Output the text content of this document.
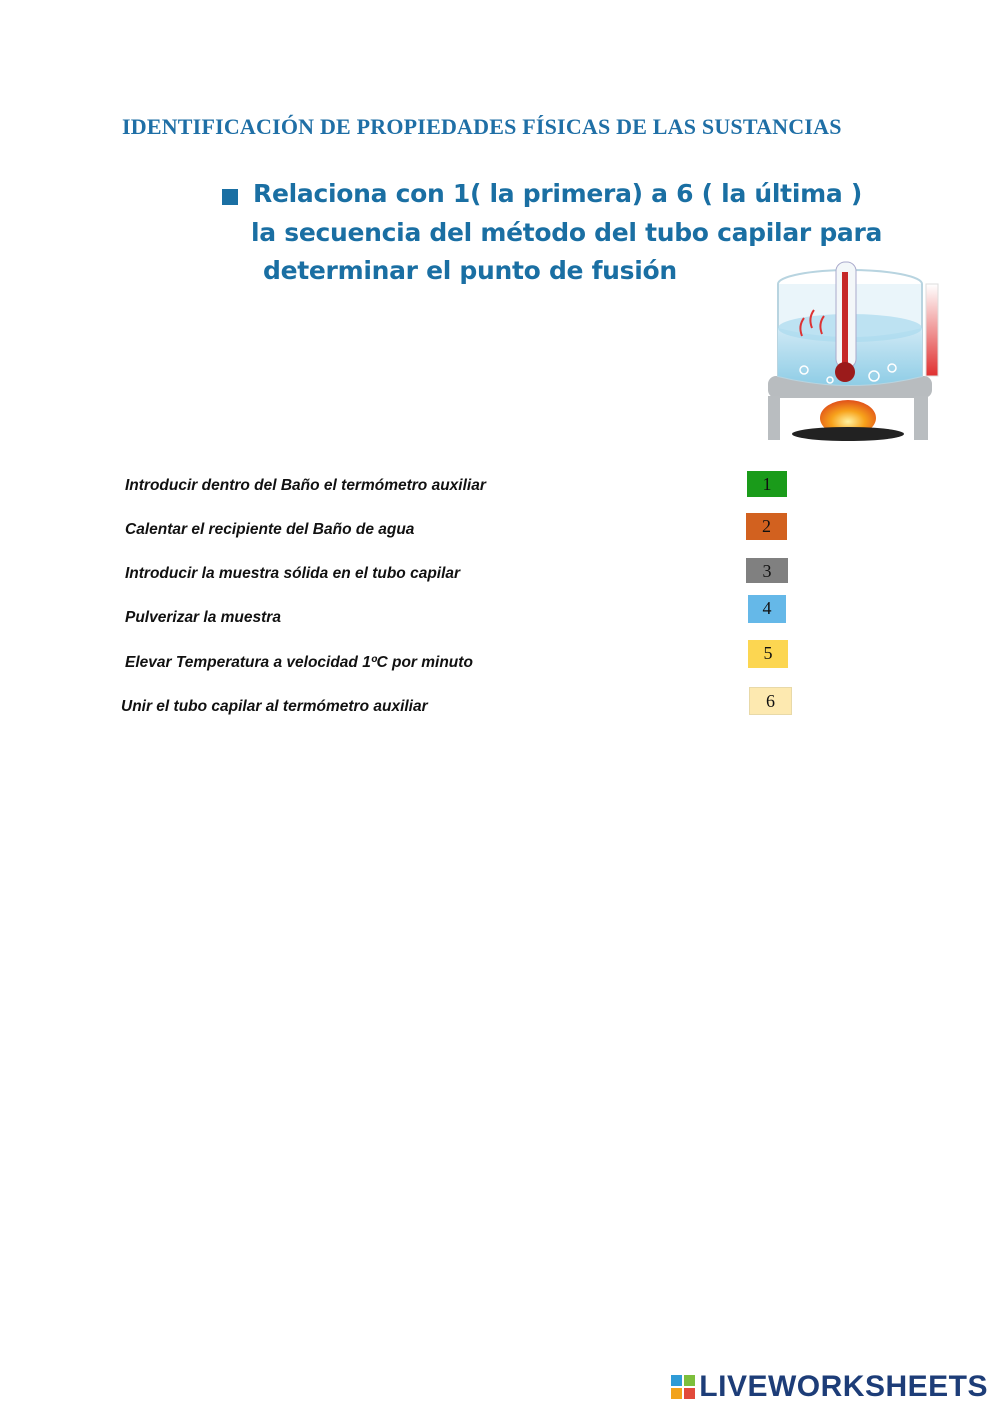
IDENTIFICACIÓN DE PROPIEDADES FÍSICAS DE LAS SUSTANCIAS
Relaciona con 1( la primera) a 6 ( la última )
la secuencia del método del tubo capilar para
determinar el punto de fusión
Introducir dentro del Baño el termómetro auxiliar	1
Calentar el recipiente del Baño de agua	2
Introducir la muestra sólida en el tubo capilar	3
Pulverizar la muestra	4
Elevar Temperatura a velocidad 1ºC por minuto	5
Unir el tubo capilar al termómetro auxiliar	6
LIVEWORKSHEETS
